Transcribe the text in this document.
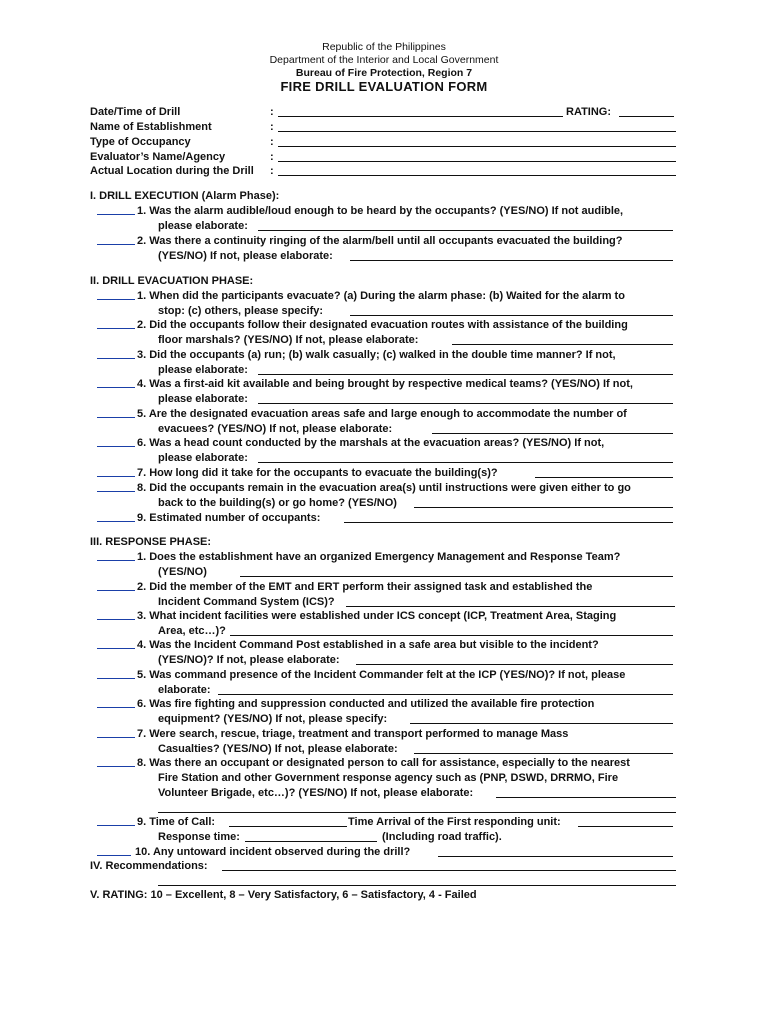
Republic of the Philippines
Department of the Interior and Local Government
Bureau of Fire Protection, Region 7
FIRE DRILL EVALUATION FORM
Date/Time of Drill	:	RATING:
Name of Establishment	:
Type of Occupancy	:
Evaluator’s Name/Agency	:
Actual Location during the Drill :
I. DRILL EXECUTION (Alarm Phase):
1. Was the alarm audible/loud enough to be heard by the occupants? (YES/NO) If not audible,
please elaborate:
2. Was there a continuity ringing of the alarm/bell until all occupants evacuated the building?
(YES/NO) If not, please elaborate:
II. DRILL EVACUATION PHASE:
1. When did the participants evacuate? (a) During the alarm phase: (b) Waited for the alarm to
stop: (c) others, please specify:
2. Did the occupants follow their designated evacuation routes with assistance of the building
floor marshals? (YES/NO) If not, please elaborate:
3. Did the occupants (a) run; (b) walk casually; (c) walked in the double time manner? If not,
please elaborate:
4. Was a first-aid kit available and being brought by respective medical teams? (YES/NO) If not,
please elaborate:
5. Are the designated evacuation areas safe and large enough to accommodate the number of
evacuees? (YES/NO) If not, please elaborate:
6. Was a head count conducted by the marshals at the evacuation areas? (YES/NO) If not,
please elaborate:
7. How long did it take for the occupants to evacuate the building(s)?
8. Did the occupants remain in the evacuation area(s) until instructions were given either to go
back to the building(s) or go home? (YES/NO)
9. Estimated number of occupants:
III. RESPONSE PHASE:
1. Does the establishment have an organized Emergency Management and Response Team?
(YES/NO)
2. Did the member of the EMT and ERT perform their assigned task and established the
Incident Command System (ICS)?
3. What incident facilities were established under ICS concept (ICP, Treatment Area, Staging
Area, etc…)?
4. Was the Incident Command Post established in a safe area but visible to the incident?
(YES/NO)? If not, please elaborate:
5. Was command presence of the Incident Commander felt at the ICP (YES/NO)? If not, please
elaborate:
6. Was fire fighting and suppression conducted and utilized the available fire protection
equipment? (YES/NO) If not, please specify:
7. Were search, rescue, triage, treatment and transport performed to manage Mass
Casualties? (YES/NO) If not, please elaborate:
8. Was there an occupant or designated person to call for assistance, especially to the nearest
Fire Station and other Government response agency such as (PNP, DSWD, DRRMO, Fire
Volunteer Brigade, etc…)? (YES/NO) If not, please elaborate:
9. Time of Call:	Time Arrival of the First responding unit:
Response time:	(Including road traffic).
10. Any untoward incident observed during the drill?
IV. Recommendations:
V. RATING: 10 – Excellent, 8 – Very Satisfactory, 6 – Satisfactory, 4 - Failed
